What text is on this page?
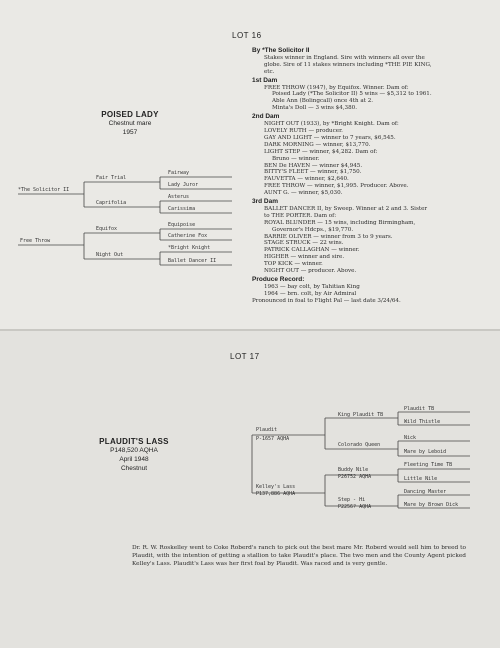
LOT 16
POISED LADY
Chestnut mare
1957
*The Solicitor II
Free Throw
Fair Trial
Caprifolia
Equifox
Night Out
Fairway
Lady Juror
Asterus
Carissima
Equipoise
Catherine Fox
*Bright Knight
Ballet Dancer II

By *The Solicitor II

Stakes winner in England. Sire with winners all over the

globe. Sire of 11 stakes winners including *THE PIE KING,

etc.

1st Dam

FREE THROW (1947), by Equifox. Winner. Dam of:

Poised Lady (*The Solicitor II) 5 wins — $5,312 to 1961.

Able Ann (Bolingcall) once 4th at 2.

Minta's Doll — 3 wins $4,380.

2nd Dam

NIGHT OUT (1933), by *Bright Knight. Dam of:

LOVELY RUTH — producer.

GAY AND LIGHT — winner to 7 years, $6,545.

DARK MORNING — winner, $13,770.

LIGHT STEP — winner, $4,282. Dam of:

Bruno — winner.

BEN De HAVEN — winner $4,945.

BITTY'S FLEET — winner, $1,750.

FAUVETTA — winner, $2,640.

FREE THROW — winner, $1,995. Producer. Above.

AUNT G. — winner, $5,030.

3rd Dam

BALLET DANCER II, by Sweep. Winner at 2 and 3. Sister

to THE PORTER. Dam of:

ROYAL BLUNDER — 15 wins, including Birmingham,

Governor's Hdcps., $19,770.

BARRIE OLIVER — winner from 3 to 9 years.

STAGE STRUCK — 22 wins.

PATRICK CALLAGHAN — winner.

HIGHER — winner and sire.

TOP KICK — winner.

NIGHT OUT — producer. Above.

Produce Record:

1963 — bay colt, by Tahitian King

1964 — brn. colt, by Air Admiral

Pronounced in foal to Flight Pal — last date 3/24/64.

LOT 17
PLAUDIT'S LASS
P148,520 AQHA
April 1948
Chestnut
Plaudit
P-1657 AQHA
Kelley's Lass
P137,886 AQHA
King Plaudit TB
Colorado Queen
Buddy Nile
P26752 AQHA
Step - Hi
P2256? AQHA
Plaudit TB
Wild Thistle
Nick
Mare by Leboid
Fleeting Time TB
Little Nile
Dancing Master
Mare by Brown Dick
Dr. R. W. Roskelley went to Coke Roberd's ranch to pick out the best mare Mr. Roberd would sell him to breed to Plaudit, with the intention of getting a stallion to take Plaudit's place. The two men and the County Agent picked Kelley's Lass. Plaudit's Lass was her first foal by Plaudit. Was raced and is very gentle.
